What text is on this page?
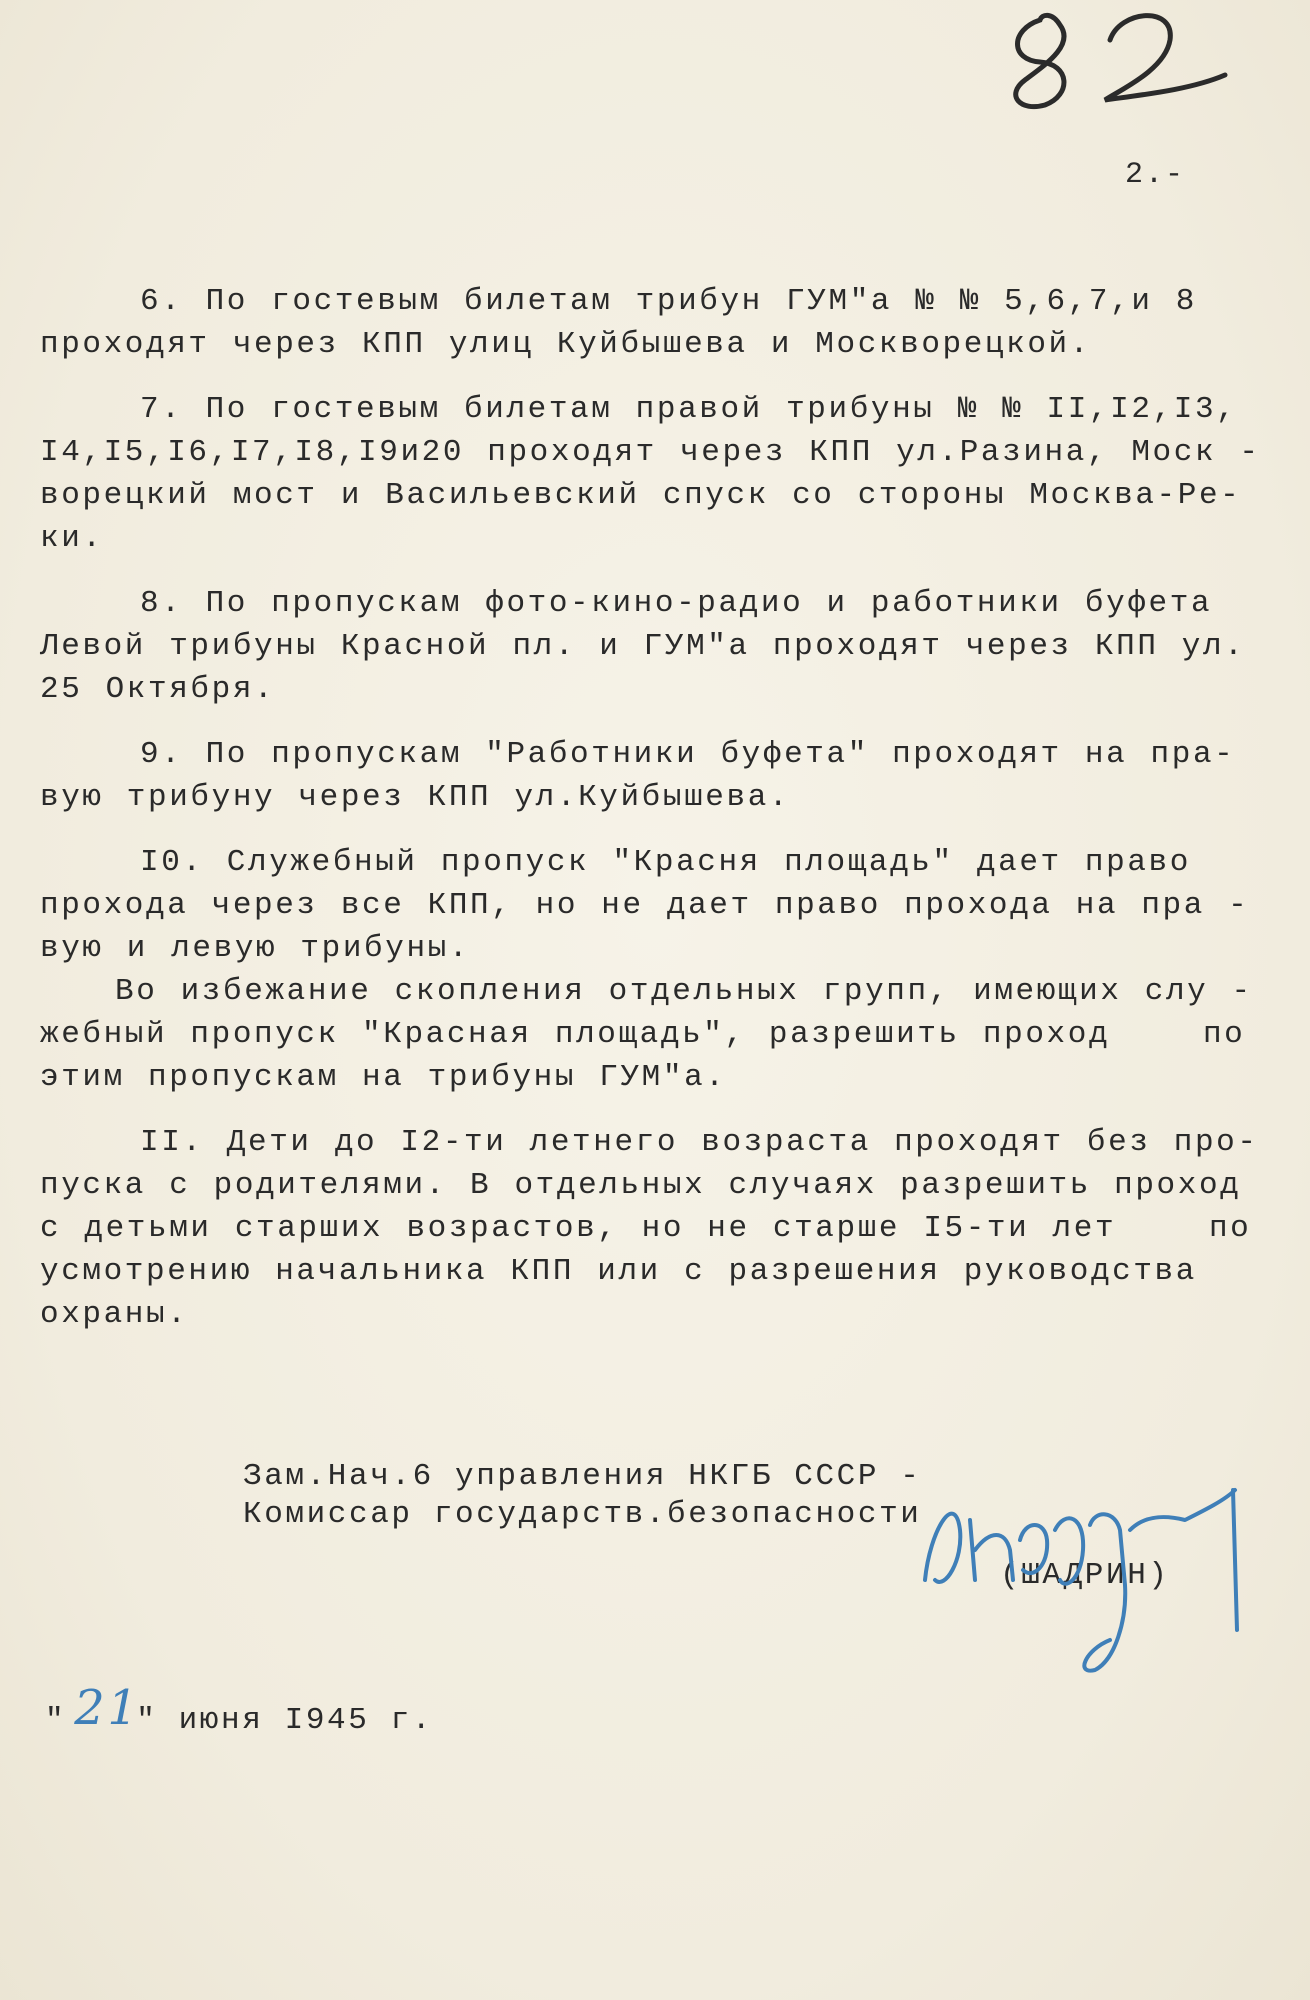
2.-
6. По гостевым билетам трибун ГУМ"а № № 5,6,7,и 8
проходят через КПП улиц Куйбышева и Москворецкой.
7. По гостевым билетам правой трибуны № № II,I2,I3,
I4,I5,I6,I7,I8,I9и20 проходят через КПП ул.Разина, Моск -
ворецкий мост и Васильевский спуск со стороны Москва-Ре-
ки.
8. По пропускам фото-кино-радио и работники буфета
Левой трибуны Красной пл. и ГУМ"а проходят через КПП ул.
25 Октября.
9. По пропускам "Работники буфета" проходят на пра-
вую трибуну через КПП ул.Куйбышева.
I0. Служебный пропуск "Красня площадь" дает право
прохода через все КПП, но не дает право прохода на пра -
вую и левую трибуны.
Во избежание скопления отдельных групп, имеющих слу -
жебный пропуск "Красная площадь", разрешить проход    по
этим пропускам на трибуны ГУМ"а.
II. Дети до I2-ти летнего возраста проходят без про-
пуска с родителями. В отдельных случаях разрешить проход
с детьми старших возрастов, но не старше I5-ти лет    по
усмотрению начальника КПП или с разрешения руководства
охраны.
Зам.Нач.6 управления НКГБ СССР -
Комиссар государств.безопасности
(ШАДРИН)
" 21
" июня I945 г.
